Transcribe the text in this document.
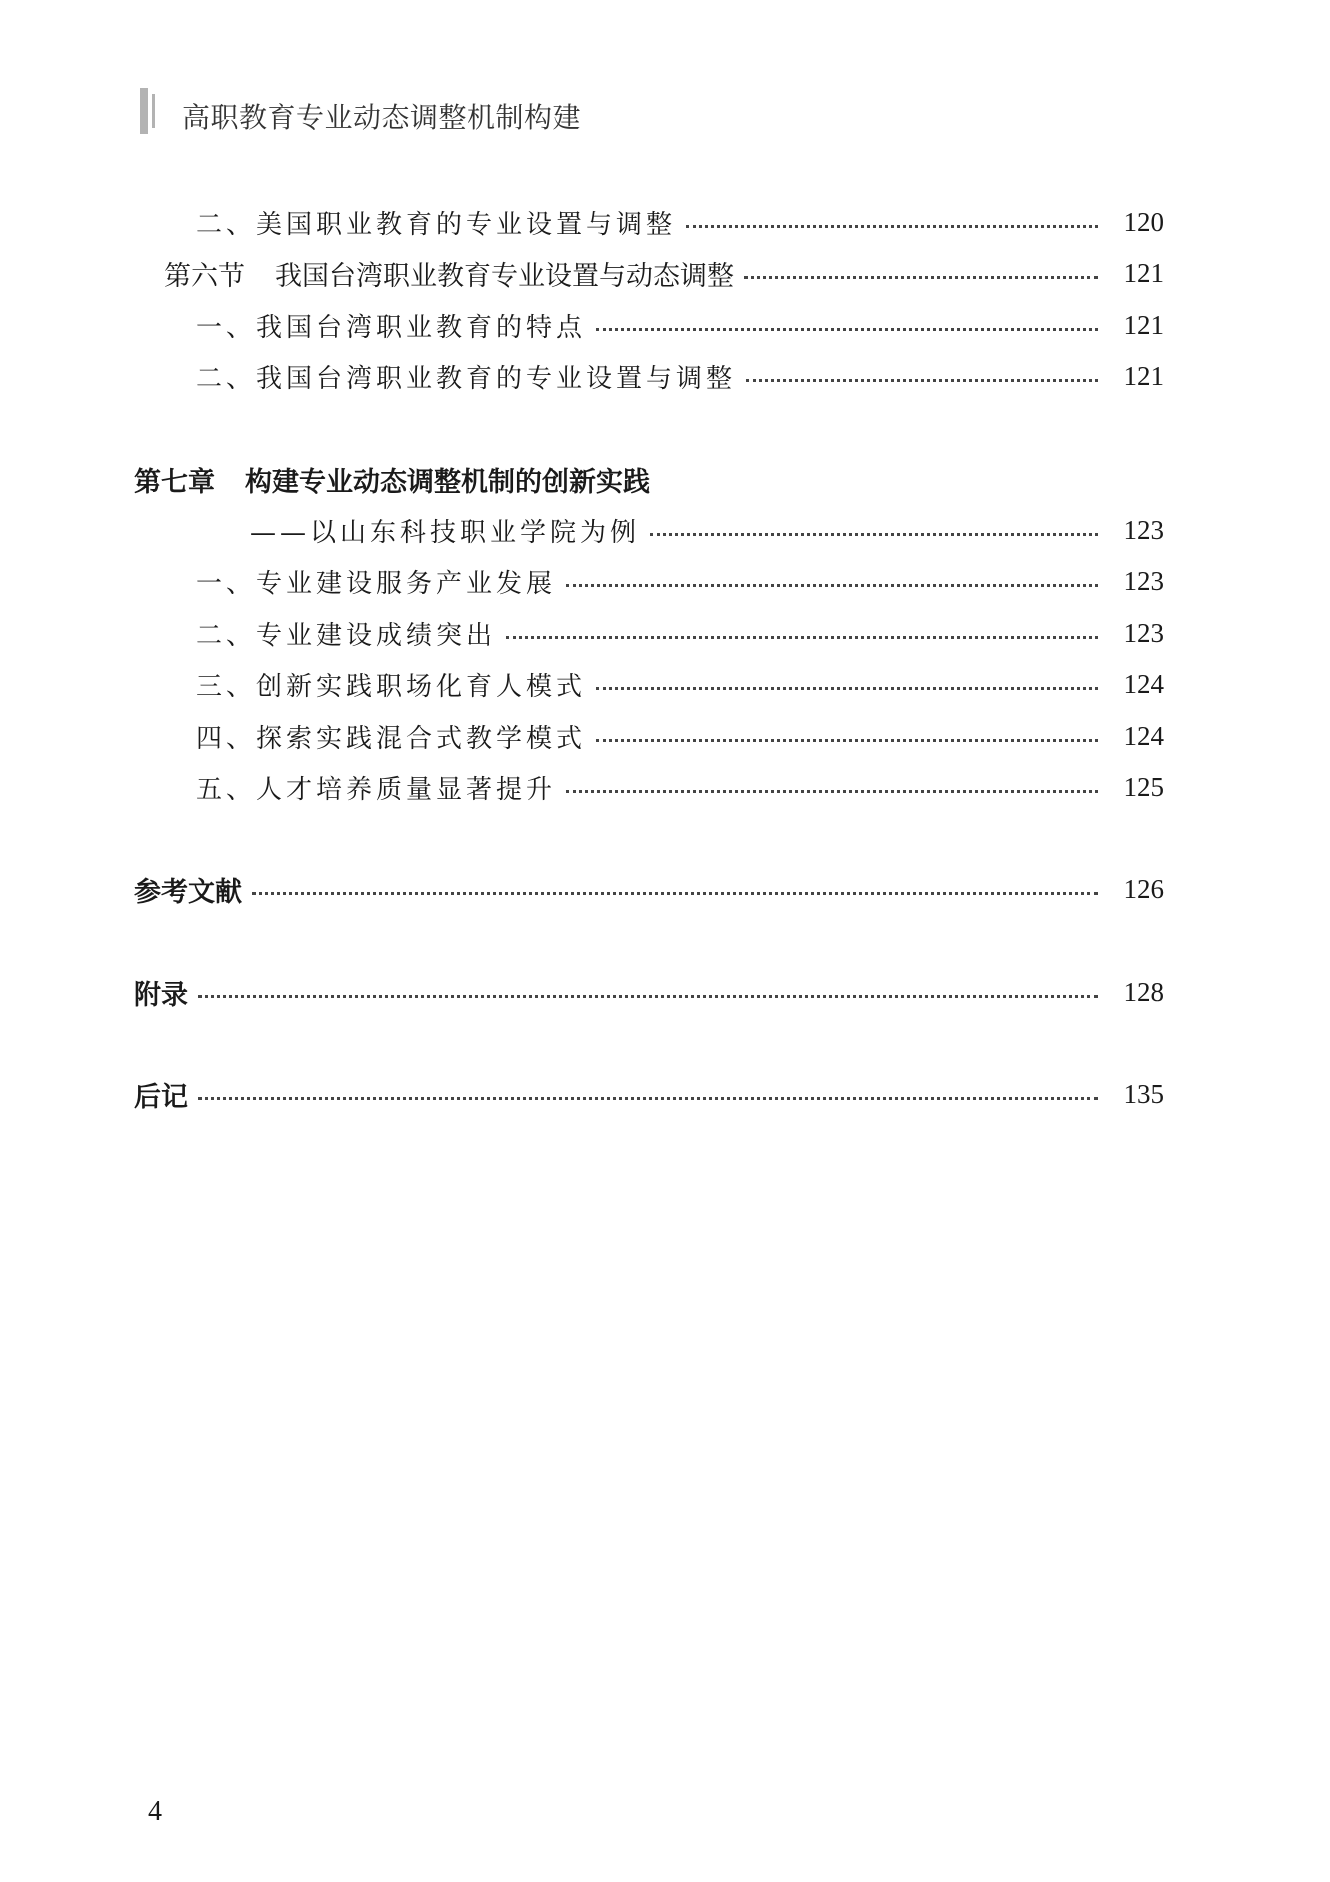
高职教育专业动态调整机制构建
二、美国职业教育的专业设置与调整	120
第六节 我国台湾职业教育专业设置与动态调整	121
一、我国台湾职业教育的特点	121
二、我国台湾职业教育的专业设置与调整	121
第七章 构建专业动态调整机制的创新实践
——以山东科技职业学院为例	123
一、专业建设服务产业发展	123
二、专业建设成绩突出	123
三、创新实践职场化育人模式	124
四、探索实践混合式教学模式	124
五、人才培养质量显著提升	125
参考文献	126
附录	128
后记	135
4
